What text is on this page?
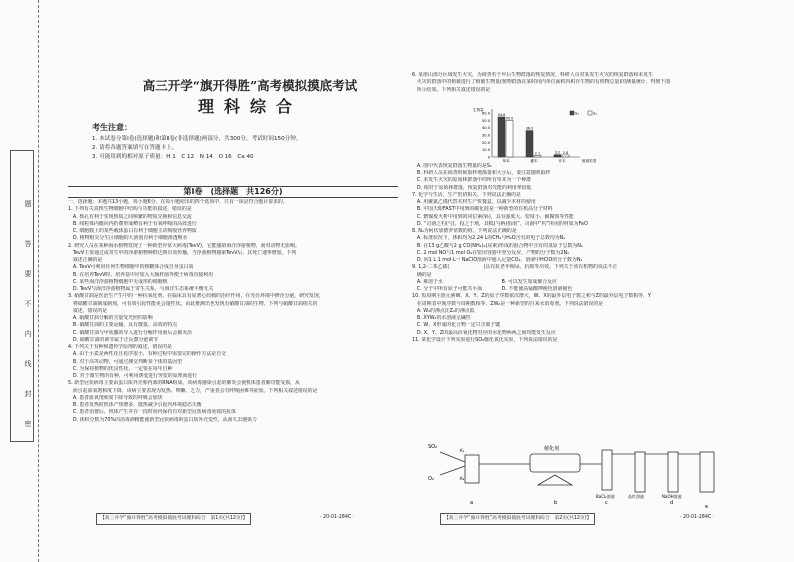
题
答
要
不
内
线
封
密
高三开学“旗开得胜”高考模拟摸底考试
理科综合
考生注意：

1. 本试卷分第Ⅰ卷(选择题)和第Ⅱ卷(非选择题)两部分，共300分。考试时间150分钟。

2. 请将各题答案填写在答题卡上。

3. 可能用到的相对原子质量：H 1　C 12　N 14　O 16　Ca 40

第Ⅰ卷　(选择题　共126分)

一、选择题：本题共13小题，每小题6分。在每小题给出的四个选项中，只有一项是符合题目要求的。

1. 下列有关真核生物细胞中结构与功能的叙述，错误的是

　A. 核孔有利于实现核质之间频繁的物质交换和信息交流

　B. 线粒体内膜向内折叠形成嵴有利于有氧呼吸的高效进行

　C. 细胞膜上的某些载体蛋白有利于细胞主动吸收营养物质

　D. 植物根尖分生区细胞的大液泡有利于细胞渗透吸水

2. 研究人员在某种海水植物发现了一种新型异常大病毒(TevV)，它能感染海洋浮游植物，而对动物无影响。

　TevV主要通过或寄生中的浮游植物种群达到有效传播，当浮游植物感染TevV后，其死亡速率增加。下列

　叙述正确的是

　A. TevV可利用任何生物细胞中的核糖体合成自身蛋白质

　B. 在培养TevV时，培养基中应加入大肠杆菌等便于病毒直接利用

　C. 某些海洋浮游植物细胞中无成形的细胞核

　D. TevV与海洋浮游植物属于寄生关系，与海洋生态系统平衡无关

3. 硝酸甘油是医治生产生中的一种抗氧化剂，在临床具有显著心绞痛的治疗作用，在光亮环境中修企分泌。研究发现，

　将硝酸甘油制成制剂，可有效引起性能更会提性状。由此推测出也发现有硝酸甘油的生物。下列与硝酸甘油相关的

　叙述，错误的是

　A. 硝酸甘油分解的含量受光照的影响

　B. 硝酸甘油的主要运输，具有微量、高效的特点

　C. 硝酸甘油与甲状腺的导入进行分解作用而后会被灭活

　D. 硝酸甘油的调节属于正反馈分泌调节

4. 下列关于有种和遗传学原理的叙述，错误的是

　A. 由于小麦是两性花且花序很小，有种过程中需要完的操作方法是自交

　B. 对于高等动物，可通过测交判断某个体的基因型

　C. 为保持植物的优良性状，一定要在每年自种

　D. 对于微生物的有种，可利用诱变进行突变的原理而进行

5. 新型冠状病毒主要由蛋白质外壳和内部的RNA组成，该病毒感染引起的肺炎会使机体患者肺功能受损，从

　而引起血氧饱和度下降，该病主要表现为发热、咳嗽、乏力，严重者会有呼吸困难等症状。下列相关叙述错误的是

　A. 患者血氧饱和度下降导致的呼吸会加快

　B. 患者发热时机体产热增多，散热减少引起内环境稳态失衡

　C. 患者治愈后，机体产生并在一段时间内保持有对新型冠状病毒免疫的抗体

　D. 体积分数为70%的消毒酒精能使新型冠状病毒的蛋白质外壳变性，从而失去感染力

6. 某座山部分区域发生火灾，为调查若干年后生物群落的恢复情况，科研人员对某发生火灾的恢复群落和未发生

　火灾的群落中的植被进行了植被生物量(植物群落在某时间内单位面积内积存生物的有机物总量)的测量统计，得到下图

　所示结果。下列相关叙述错误的是

　A. 图中代表恢复群落生物量的是S₁

　B. 科研人员在调查时候取样地都量和大小后，要注意随机取样

　C. 未发生火灾的原始林群落中的所有草本为一个种群

　D. 相对于原始林群落，恢复群落对光能的利用率较低

7. 化学与生活、生产密切相关。下列说法正确的是

　A. 用聚氯乙烯代替木材生产快餐盒，以减少木材的使用

　B. 中国天眼FAST中用到的碳化硅是一种新型的有机高分子材料

　C. 燃煤废火析中用到的同位素(钚)，具有强度大、密度小、耐腐蚀等性能

　D. “司南之杓(勺)，投之于地，其柢(勺柄)指南”，司南中“杓”所用的材质为FeO

8. Nₐ为阿伏加德罗常数的值。下列说法正确的是

　A. 标准状况下，体积均为2.24 L的CH₄与H₂O含有的电子总数均为Nₐ

　B. 在13 g乙酸与2 g CO(NH₂)₂(尿素)形成的混合物中含有的氢原子总数为Nₐ

　C. 2 mol NO与1 mol O₂在密闭容器中充分反应，产物的分子数为2Nₐ

　D. 向1 L 1 mol·L⁻¹ NaClO溶液中通入足量CO₂，溶液中HClO的分子数为Nₐ

9. 1,2-二苯乙烯(　　　　　　　)具有抗老年痴呆、抗癌等功效。下列关于该有机物的说法不正

　确的是

　A. 难溶于水　　　　　　　　　　　　B. 可以发生加成聚合反应

　C. 分子中所有原子可能共平面　　　　D. 不能使高锰酸钾褪色溶液褪色

10. 短周期主族元素W、X、Y、Z的原子序数依次增大，W、X的最外层电子数之和与Z的最外层电子数相等，Y

　在周期表中族序数与周期数相等，ZW₂是一种新型的自来水消毒剂。下列说法错误的是

　A. W₂的沸点比Z₂的沸点低

　B. XYW₂的水溶液呈碱性

　C. W、X形成的化合物一定只含离子键

　D. X、Y、Z的最高价氧化物对应的水化物两两之间均能发生反应

11. 某化学设计下列实验进行SO₂催化氧化实验，下列说法错误的是

60.0
50.0
40.0
30.0
20.0
10.0
0
生物量
草本	灌木	乔木
54.6
50.0
36.0
2.1	3.2 2.8
植被类型
S₁	S₂
SO₂
K₁
O₂	K₂
催化剂
a	b	c	d
e
BaCl₂溶液	品红溶液	NaOH溶液
【高三开学“旗开得胜”高考模拟摸底考试理科综合　第1页(共12页)】	· 20-01-284C ·	【高三开学“旗开得胜”高考模拟摸底考试理科综合　第2页(共12页)】	· 20-01-284C ·
